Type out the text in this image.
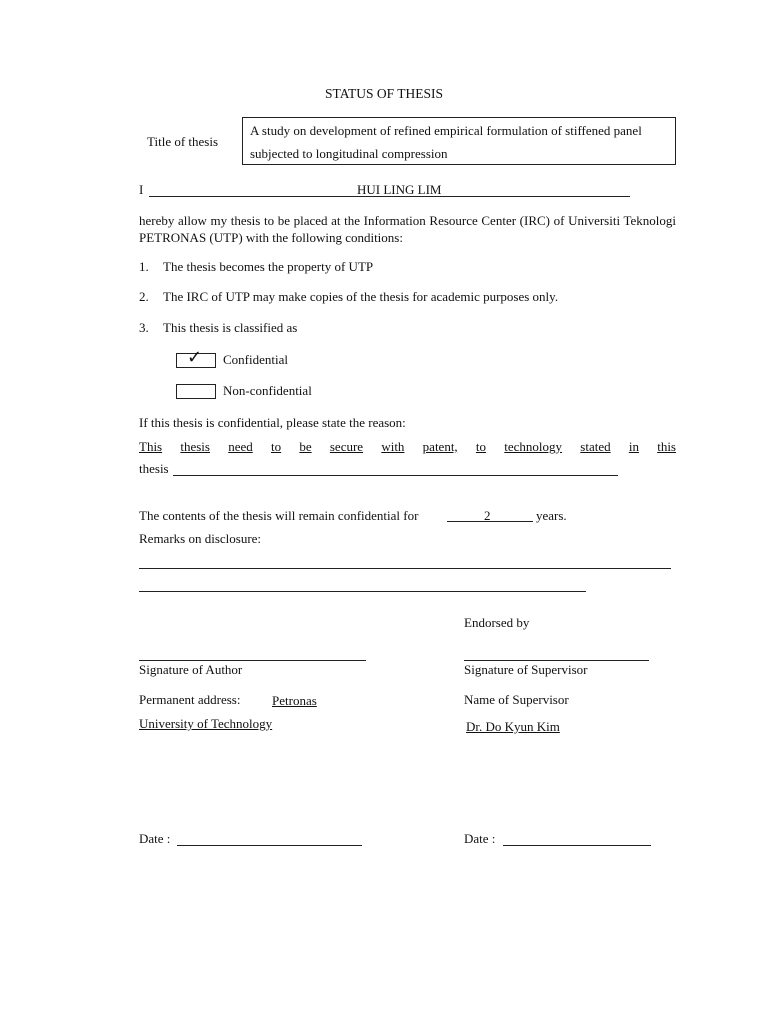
STATUS OF THESIS
Title of thesis
A study on development of refined empirical formulation of stiffened panel subjected to longitudinal compression
I	HUI LING LIM
hereby allow my thesis to be placed at the Information Resource Center (IRC) of Universiti Teknologi PETRONAS (UTP) with the following conditions:
1. The thesis becomes the property of UTP
2. The IRC of UTP may make copies of the thesis for academic purposes only.
3. This thesis is classified as
✓ Confidential
Non-confidential
If this thesis is confidential, please state the reason:
This thesis need to be secure with patent, to technology stated in this
thesis
The contents of the thesis will remain confidential for	2	years.
Remarks on disclosure:
Endorsed by
Signature of Author	Signature of Supervisor
Permanent address: Petronas
University of Technology
Name of Supervisor
Dr. Do Kyun Kim
Date :	Date :
